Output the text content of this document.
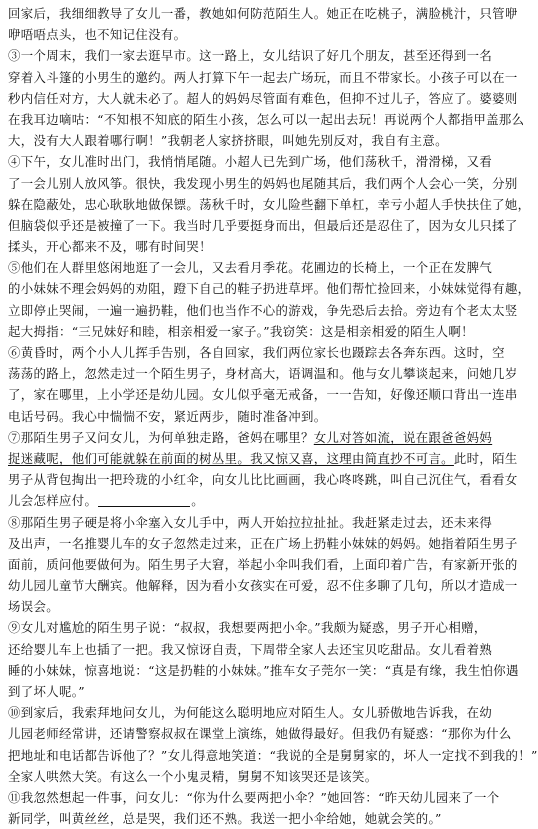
回家后，我细细教导了女儿一番，教她如何防范陌生人。她正在吃桃子，满脸桃汁，只管咿
咿唔唔点头，也不知记住没有。
③一个周末，我们一家去逛早市。这一路上，女儿结识了好几个朋友，甚至还得到一名
穿着入斗篷的小男生的邀约。两人打算下午一起去广场玩，而且不带家长。小孩子可以在一
秒内信任对方，大人就未必了。超人的妈妈尽管面有难色，但抑不过儿子，答应了。婆婆则
在我耳边嘀咕：“不知根不知底的陌生小孩，怎么可以一起出去玩！再说两个人都指甲盖那么
大，没有大人跟着哪行啊！”我朝老人家挤挤眼，叫她先别反对，我自有主意。
④下午，女儿准时出门，我悄悄尾随。小超人已先到广场，他们荡秋千，滑滑梯，又看
了一会儿别人放风筝。很快，我发现小男生的妈妈也尾随其后，我们两个人会心一笑，分别
躲在隐蔽处，忠心耿耿地做保镖。荡秋千时，女儿险些翻下单杠，幸亏小超人手快扶住了她，
但脑袋似乎还是被撞了一下。我当时几乎要挺身而出，但最后还是忍住了，因为女儿只揉了
揉头，开心都来不及，哪有时间哭！
⑤他们在人群里悠闲地逛了一会儿，又去看月季花。花圃边的长椅上，一个正在发脾气
的小妹妹不理会妈妈的劝阻，蹬下自己的鞋子扔进草坪。他们帮忙捡回来，小妹妹觉得有趣，
立即停止哭闹，一遍一遍扔鞋，他们也当作不心的游戏，争先恐后去拾。旁边有个老太太竖
起大拇指：“三兄妹好和睦，相亲相爱一家子。”我窃笑：这是相亲相爱的陌生人啊！
⑥黄昏时，两个小人儿挥手告别，各自回家，我们两位家长也蹑踪去各奔东西。这时，空
荡荡的路上，忽然走过一个陌生男子，身材高大，语调温和。他与女儿攀谈起来，问她几岁
了，家在哪里，上小学还是幼儿园。女儿似乎毫无戒备，一一告知，好像还顺口背出一连串
电话号码。我心中惴惴不安，紧近两步，随时准备冲到。
⑦那陌生男子又问女儿，为何单独走路，爸妈在哪里？女儿对答如流，说在跟爸爸妈妈
捉迷藏呢，他们可能就躲在前面的树丛里。我又惊又喜，这理由简直抄不可言。此时，陌生
男子从背包掏出一把玲珑的小红伞，向女儿比比画画，我心咚咚跳，叫自己沉住气，看看女
儿会怎样应付。	。
⑧那陌生男子硬是将小伞塞入女儿手中，两人开始拉拉扯扯。我赶紧走过去，还未来得
及出声，一名推婴儿车的女子忽然走过来，正在广场上扔鞋小妹妹的妈妈。她指着陌生男子
面前，质问他要做何为。陌生男子大窘，举起小伞叫我们看，上面印着广告，有家新开张的
幼儿园儿童节大酬宾。他解释，因为看小女孩实在可爱，忍不住多聊了几句，所以才造成一
场误会。
⑨女儿对尴尬的陌生男子说：“叔叔，我想要两把小伞。”我颇为疑惑，男子开心相赠，
还给婴儿车上也插了一把。我又惊讶自责，下周带全家人去还宝贝吃甜品。女儿看着熟
睡的小妹妹，惊喜地说：“这是扔鞋的小妹妹。”推车女子莞尔一笑：“真是有缘，我生怕你遇
到了坏人呢。”
⑩到家后，我索拜地问女儿，为何能这么聪明地应对陌生人。女儿骄傲地告诉我，在幼
儿园老师经常讲，还请警察叔叔在课堂上演练，她做得最好。但我仍有疑惑：“那你为什么
把地址和电话都告诉他了？”女儿得意地笑道：“我说的全是舅舅家的，坏人一定找不到我的！”
全家人哄然大笑。有这么一个小鬼灵精，舅舅不知该哭还是该笑。
⑪我忽然想起一件事，问女儿：“你为什么要两把小伞？”她回答：“昨天幼儿园来了一个
新同学，叫黄丝丝，总是哭，我们还不熟。我送一把小伞给她，她就会笑的。”
